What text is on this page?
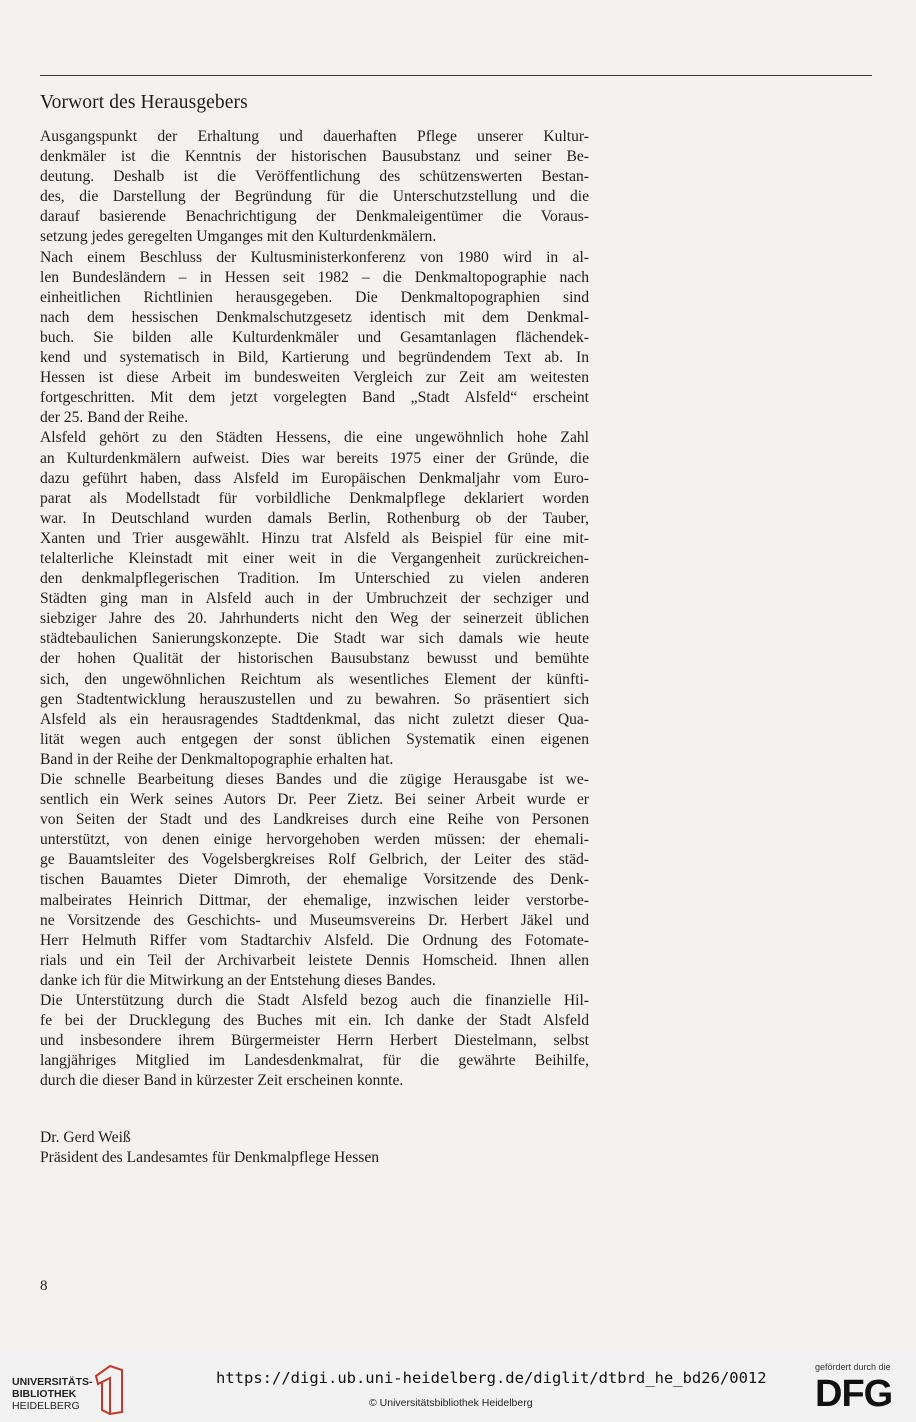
Vorwort des Herausgebers
Ausgangspunkt der Erhaltung und dauerhaften Pflege unserer Kultur-
denkmäler ist die Kenntnis der historischen Bausubstanz und seiner Be-
deutung. Deshalb ist die Veröffentlichung des schützenswerten Bestan-
des, die Darstellung der Begründung für die Unterschutzstellung und die
darauf basierende Benachrichtigung der Denkmaleigentümer die Voraus-
setzung jedes geregelten Umganges mit den Kulturdenkmälern.
Nach einem Beschluss der Kultusministerkonferenz von 1980 wird in al-
len Bundesländern – in Hessen seit 1982 – die Denkmaltopographie nach
einheitlichen Richtlinien herausgegeben. Die Denkmaltopographien sind
nach dem hessischen Denkmalschutzgesetz identisch mit dem Denkmal-
buch. Sie bilden alle Kulturdenkmäler und Gesamtanlagen flächendek-
kend und systematisch in Bild, Kartierung und begründendem Text ab. In
Hessen ist diese Arbeit im bundesweiten Vergleich zur Zeit am weitesten
fortgeschritten. Mit dem jetzt vorgelegten Band „Stadt Alsfeld“ erscheint
der 25. Band der Reihe.
Alsfeld gehört zu den Städten Hessens, die eine ungewöhnlich hohe Zahl
an Kulturdenkmälern aufweist. Dies war bereits 1975 einer der Gründe, die
dazu geführt haben, dass Alsfeld im Europäischen Denkmaljahr vom Euro-
parat als Modellstadt für vorbildliche Denkmalpflege deklariert worden
war. In Deutschland wurden damals Berlin, Rothenburg ob der Tauber,
Xanten und Trier ausgewählt. Hinzu trat Alsfeld als Beispiel für eine mit-
telalterliche Kleinstadt mit einer weit in die Vergangenheit zurückreichen-
den denkmalpflegerischen Tradition. Im Unterschied zu vielen anderen
Städten ging man in Alsfeld auch in der Umbruchzeit der sechziger und
siebziger Jahre des 20. Jahrhunderts nicht den Weg der seinerzeit üblichen
städtebaulichen Sanierungskonzepte. Die Stadt war sich damals wie heute
der hohen Qualität der historischen Bausubstanz bewusst und bemühte
sich, den ungewöhnlichen Reichtum als wesentliches Element der künfti-
gen Stadtentwicklung herauszustellen und zu bewahren. So präsentiert sich
Alsfeld als ein herausragendes Stadtdenkmal, das nicht zuletzt dieser Qua-
lität wegen auch entgegen der sonst üblichen Systematik einen eigenen
Band in der Reihe der Denkmaltopographie erhalten hat.
Die schnelle Bearbeitung dieses Bandes und die zügige Herausgabe ist we-
sentlich ein Werk seines Autors Dr. Peer Zietz. Bei seiner Arbeit wurde er
von Seiten der Stadt und des Landkreises durch eine Reihe von Personen
unterstützt, von denen einige hervorgehoben werden müssen: der ehemali-
ge Bauamtsleiter des Vogelsbergkreises Rolf Gelbrich, der Leiter des städ-
tischen Bauamtes Dieter Dimroth, der ehemalige Vorsitzende des Denk-
malbeirates Heinrich Dittmar, der ehemalige, inzwischen leider verstorbe-
ne Vorsitzende des Geschichts- und Museumsvereins Dr. Herbert Jäkel und
Herr Helmuth Riffer vom Stadtarchiv Alsfeld. Die Ordnung des Fotomate-
rials und ein Teil der Archivarbeit leistete Dennis Homscheid. Ihnen allen
danke ich für die Mitwirkung an der Entstehung dieses Bandes.
Die Unterstützung durch die Stadt Alsfeld bezog auch die finanzielle Hil-
fe bei der Drucklegung des Buches mit ein. Ich danke der Stadt Alsfeld
und insbesondere ihrem Bürgermeister Herrn Herbert Diestelmann, selbst
langjähriges Mitglied im Landesdenkmalrat, für die gewährte Beihilfe,
durch die dieser Band in kürzester Zeit erscheinen konnte.
Dr. Gerd Weiß
Präsident des Landesamtes für Denkmalpflege Hessen
8
UNIVERSITÄTS-
BIBLIOTHEK
HEIDELBERG
https://digi.ub.uni-heidelberg.de/diglit/dtbrd_he_bd26/0012
© Universitätsbibliothek Heidelberg
gefördert durch die
DFG
